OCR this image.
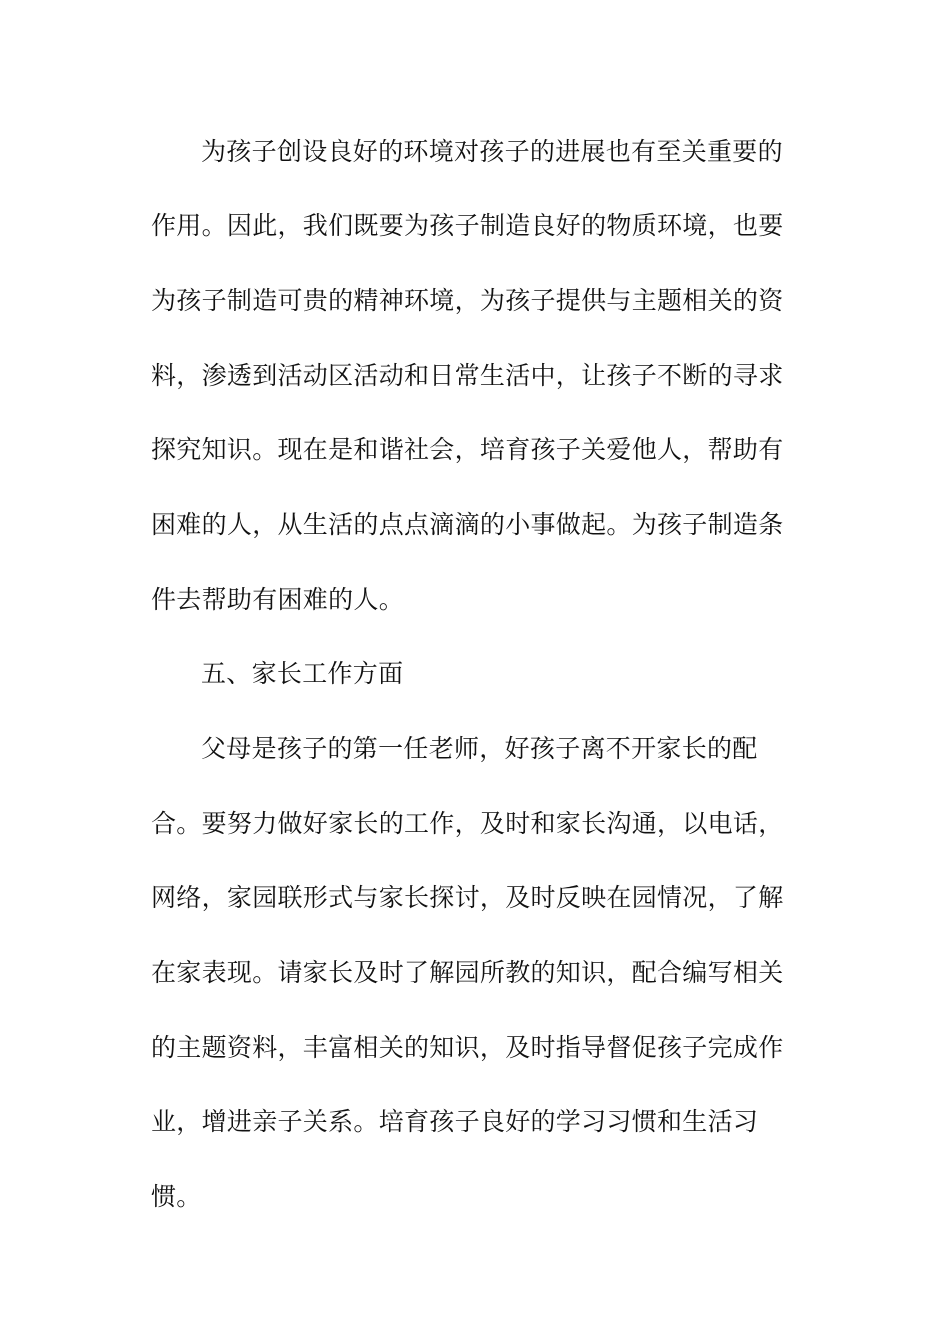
为孩子创设良好的环境对孩子的进展也有至关重要的
作用。因此，我们既要为孩子制造良好的物质环境，也要
为孩子制造可贵的精神环境，为孩子提供与主题相关的资
料，渗透到活动区活动和日常生活中，让孩子不断的寻求
探究知识。现在是和谐社会，培育孩子关爱他人，帮助有
困难的人，从生活的点点滴滴的小事做起。为孩子制造条
件去帮助有困难的人。
五、家长工作方面
父母是孩子的第一任老师，好孩子离不开家长的配
合。要努力做好家长的工作，及时和家长沟通，以电话，
网络，家园联形式与家长探讨，及时反映在园情况，了解
在家表现。请家长及时了解园所教的知识，配合编写相关
的主题资料，丰富相关的知识，及时指导督促孩子完成作
业，增进亲子关系。培育孩子良好的学习习惯和生活习
惯。
